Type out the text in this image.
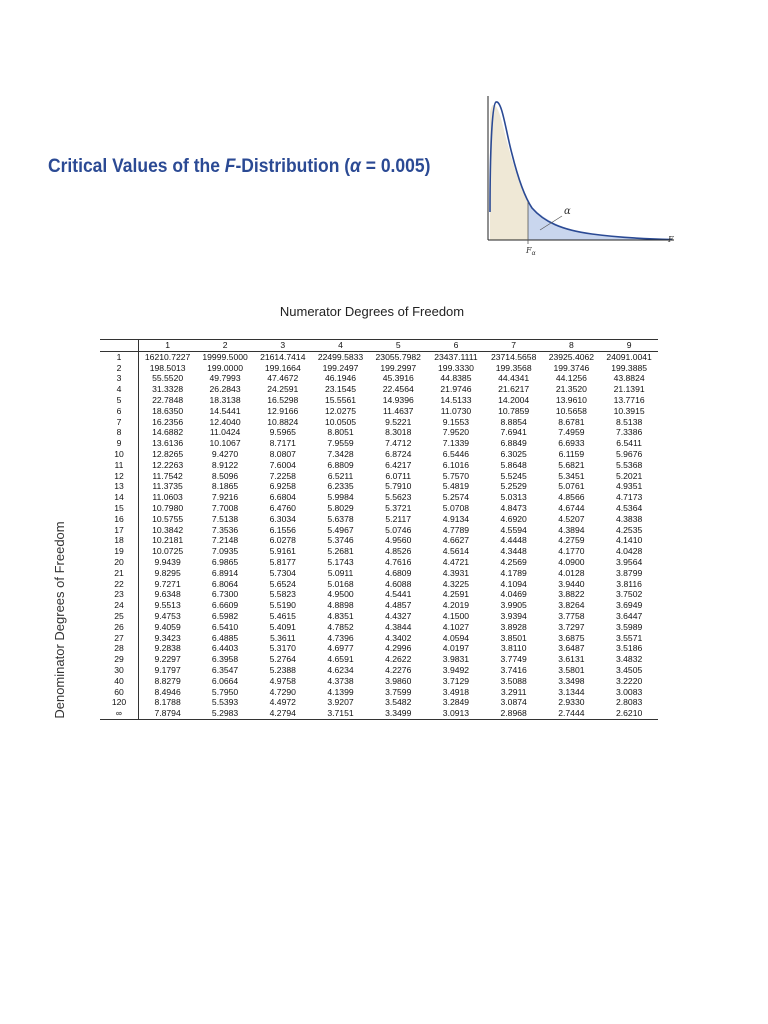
Critical Values of the F-Distribution (α = 0.005)
α
F
$F_\alpha$
Numerator Degrees of Freedom
Denominator Degrees of Freedom
	1	2	3	4	5	6	7	8	9
1	16210.7227	19999.5000	21614.7414	22499.5833	23055.7982	23437.1111	23714.5658	23925.4062	24091.0041
2	198.5013	199.0000	199.1664	199.2497	199.2997	199.3330	199.3568	199.3746	199.3885
3	55.5520	49.7993	47.4672	46.1946	45.3916	44.8385	44.4341	44.1256	43.8824
4	31.3328	26.2843	24.2591	23.1545	22.4564	21.9746	21.6217	21.3520	21.1391
5	22.7848	18.3138	16.5298	15.5561	14.9396	14.5133	14.2004	13.9610	13.7716
6	18.6350	14.5441	12.9166	12.0275	11.4637	11.0730	10.7859	10.5658	10.3915
7	16.2356	12.4040	10.8824	10.0505	9.5221	9.1553	8.8854	8.6781	8.5138
8	14.6882	11.0424	9.5965	8.8051	8.3018	7.9520	7.6941	7.4959	7.3386
9	13.6136	10.1067	8.7171	7.9559	7.4712	7.1339	6.8849	6.6933	6.5411
10	12.8265	9.4270	8.0807	7.3428	6.8724	6.5446	6.3025	6.1159	5.9676
11	12.2263	8.9122	7.6004	6.8809	6.4217	6.1016	5.8648	5.6821	5.5368
12	11.7542	8.5096	7.2258	6.5211	6.0711	5.7570	5.5245	5.3451	5.2021
13	11.3735	8.1865	6.9258	6.2335	5.7910	5.4819	5.2529	5.0761	4.9351
14	11.0603	7.9216	6.6804	5.9984	5.5623	5.2574	5.0313	4.8566	4.7173
15	10.7980	7.7008	6.4760	5.8029	5.3721	5.0708	4.8473	4.6744	4.5364
16	10.5755	7.5138	6.3034	5.6378	5.2117	4.9134	4.6920	4.5207	4.3838
17	10.3842	7.3536	6.1556	5.4967	5.0746	4.7789	4.5594	4.3894	4.2535
18	10.2181	7.2148	6.0278	5.3746	4.9560	4.6627	4.4448	4.2759	4.1410
19	10.0725	7.0935	5.9161	5.2681	4.8526	4.5614	4.3448	4.1770	4.0428
20	9.9439	6.9865	5.8177	5.1743	4.7616	4.4721	4.2569	4.0900	3.9564
21	9.8295	6.8914	5.7304	5.0911	4.6809	4.3931	4.1789	4.0128	3.8799
22	9.7271	6.8064	5.6524	5.0168	4.6088	4.3225	4.1094	3.9440	3.8116
23	9.6348	6.7300	5.5823	4.9500	4.5441	4.2591	4.0469	3.8822	3.7502
24	9.5513	6.6609	5.5190	4.8898	4.4857	4.2019	3.9905	3.8264	3.6949
25	9.4753	6.5982	5.4615	4.8351	4.4327	4.1500	3.9394	3.7758	3.6447
26	9.4059	6.5410	5.4091	4.7852	4.3844	4.1027	3.8928	3.7297	3.5989
27	9.3423	6.4885	5.3611	4.7396	4.3402	4.0594	3.8501	3.6875	3.5571
28	9.2838	6.4403	5.3170	4.6977	4.2996	4.0197	3.8110	3.6487	3.5186
29	9.2297	6.3958	5.2764	4.6591	4.2622	3.9831	3.7749	3.6131	3.4832
30	9.1797	6.3547	5.2388	4.6234	4.2276	3.9492	3.7416	3.5801	3.4505
40	8.8279	6.0664	4.9758	4.3738	3.9860	3.7129	3.5088	3.3498	3.2220
60	8.4946	5.7950	4.7290	4.1399	3.7599	3.4918	3.2911	3.1344	3.0083
120	8.1788	5.5393	4.4972	3.9207	3.5482	3.2849	3.0874	2.9330	2.8083
∞	7.8794	5.2983	4.2794	3.7151	3.3499	3.0913	2.8968	2.7444	2.6210
